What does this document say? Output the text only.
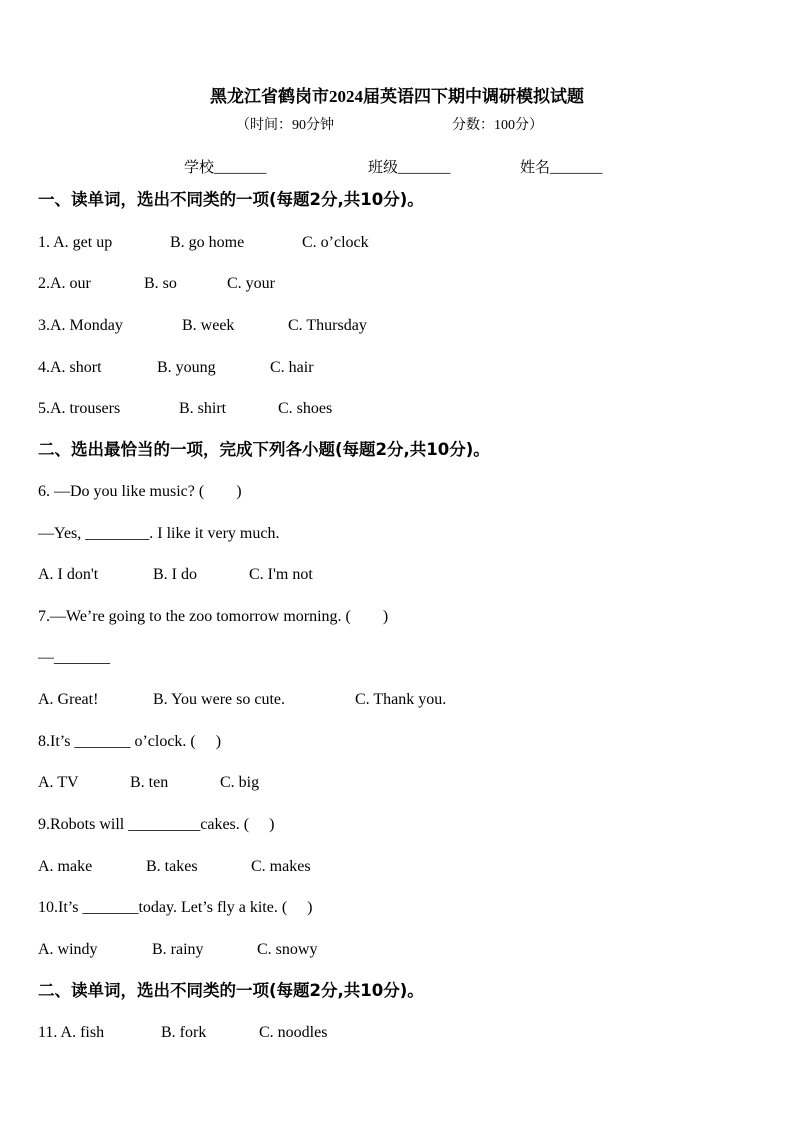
黑龙江省鹤岗市2024届英语四下期中调研模拟试题
（时间：90分钟	分数：100分）
学校_______	班级_______	姓名_______
一、读单词，选出不同类的一项(每题2分,共10分)。
1. A. get up	B. go home	C. o’clock
2.A. our	B. so	C. your
3.A. Monday	B. week	C. Thursday
4.A. short	B. young	C. hair
5.A. trousers	B. shirt	C. shoes
二、选出最恰当的一项，完成下列各小题(每题2分,共10分)。
6. —Do you like music? (　　)
—Yes, ________. I like it very much.
A. I don't	B. I do	C. I'm not
7.—We’re going to the zoo tomorrow morning. (　　)
—_______
A. Great!	B. You were so cute.	C. Thank you.
8.It’s _______ o’clock. (　 )
A. TV	B. ten	C. big
9.Robots will _________cakes. (　 )
A. make	B. takes	C. makes
10.It’s _______today. Let’s fly a kite. (　 )
A. windy	B. rainy	C. snowy
二、读单词，选出不同类的一项(每题2分,共10分)。
11. A. fish	B. fork	C. noodles
